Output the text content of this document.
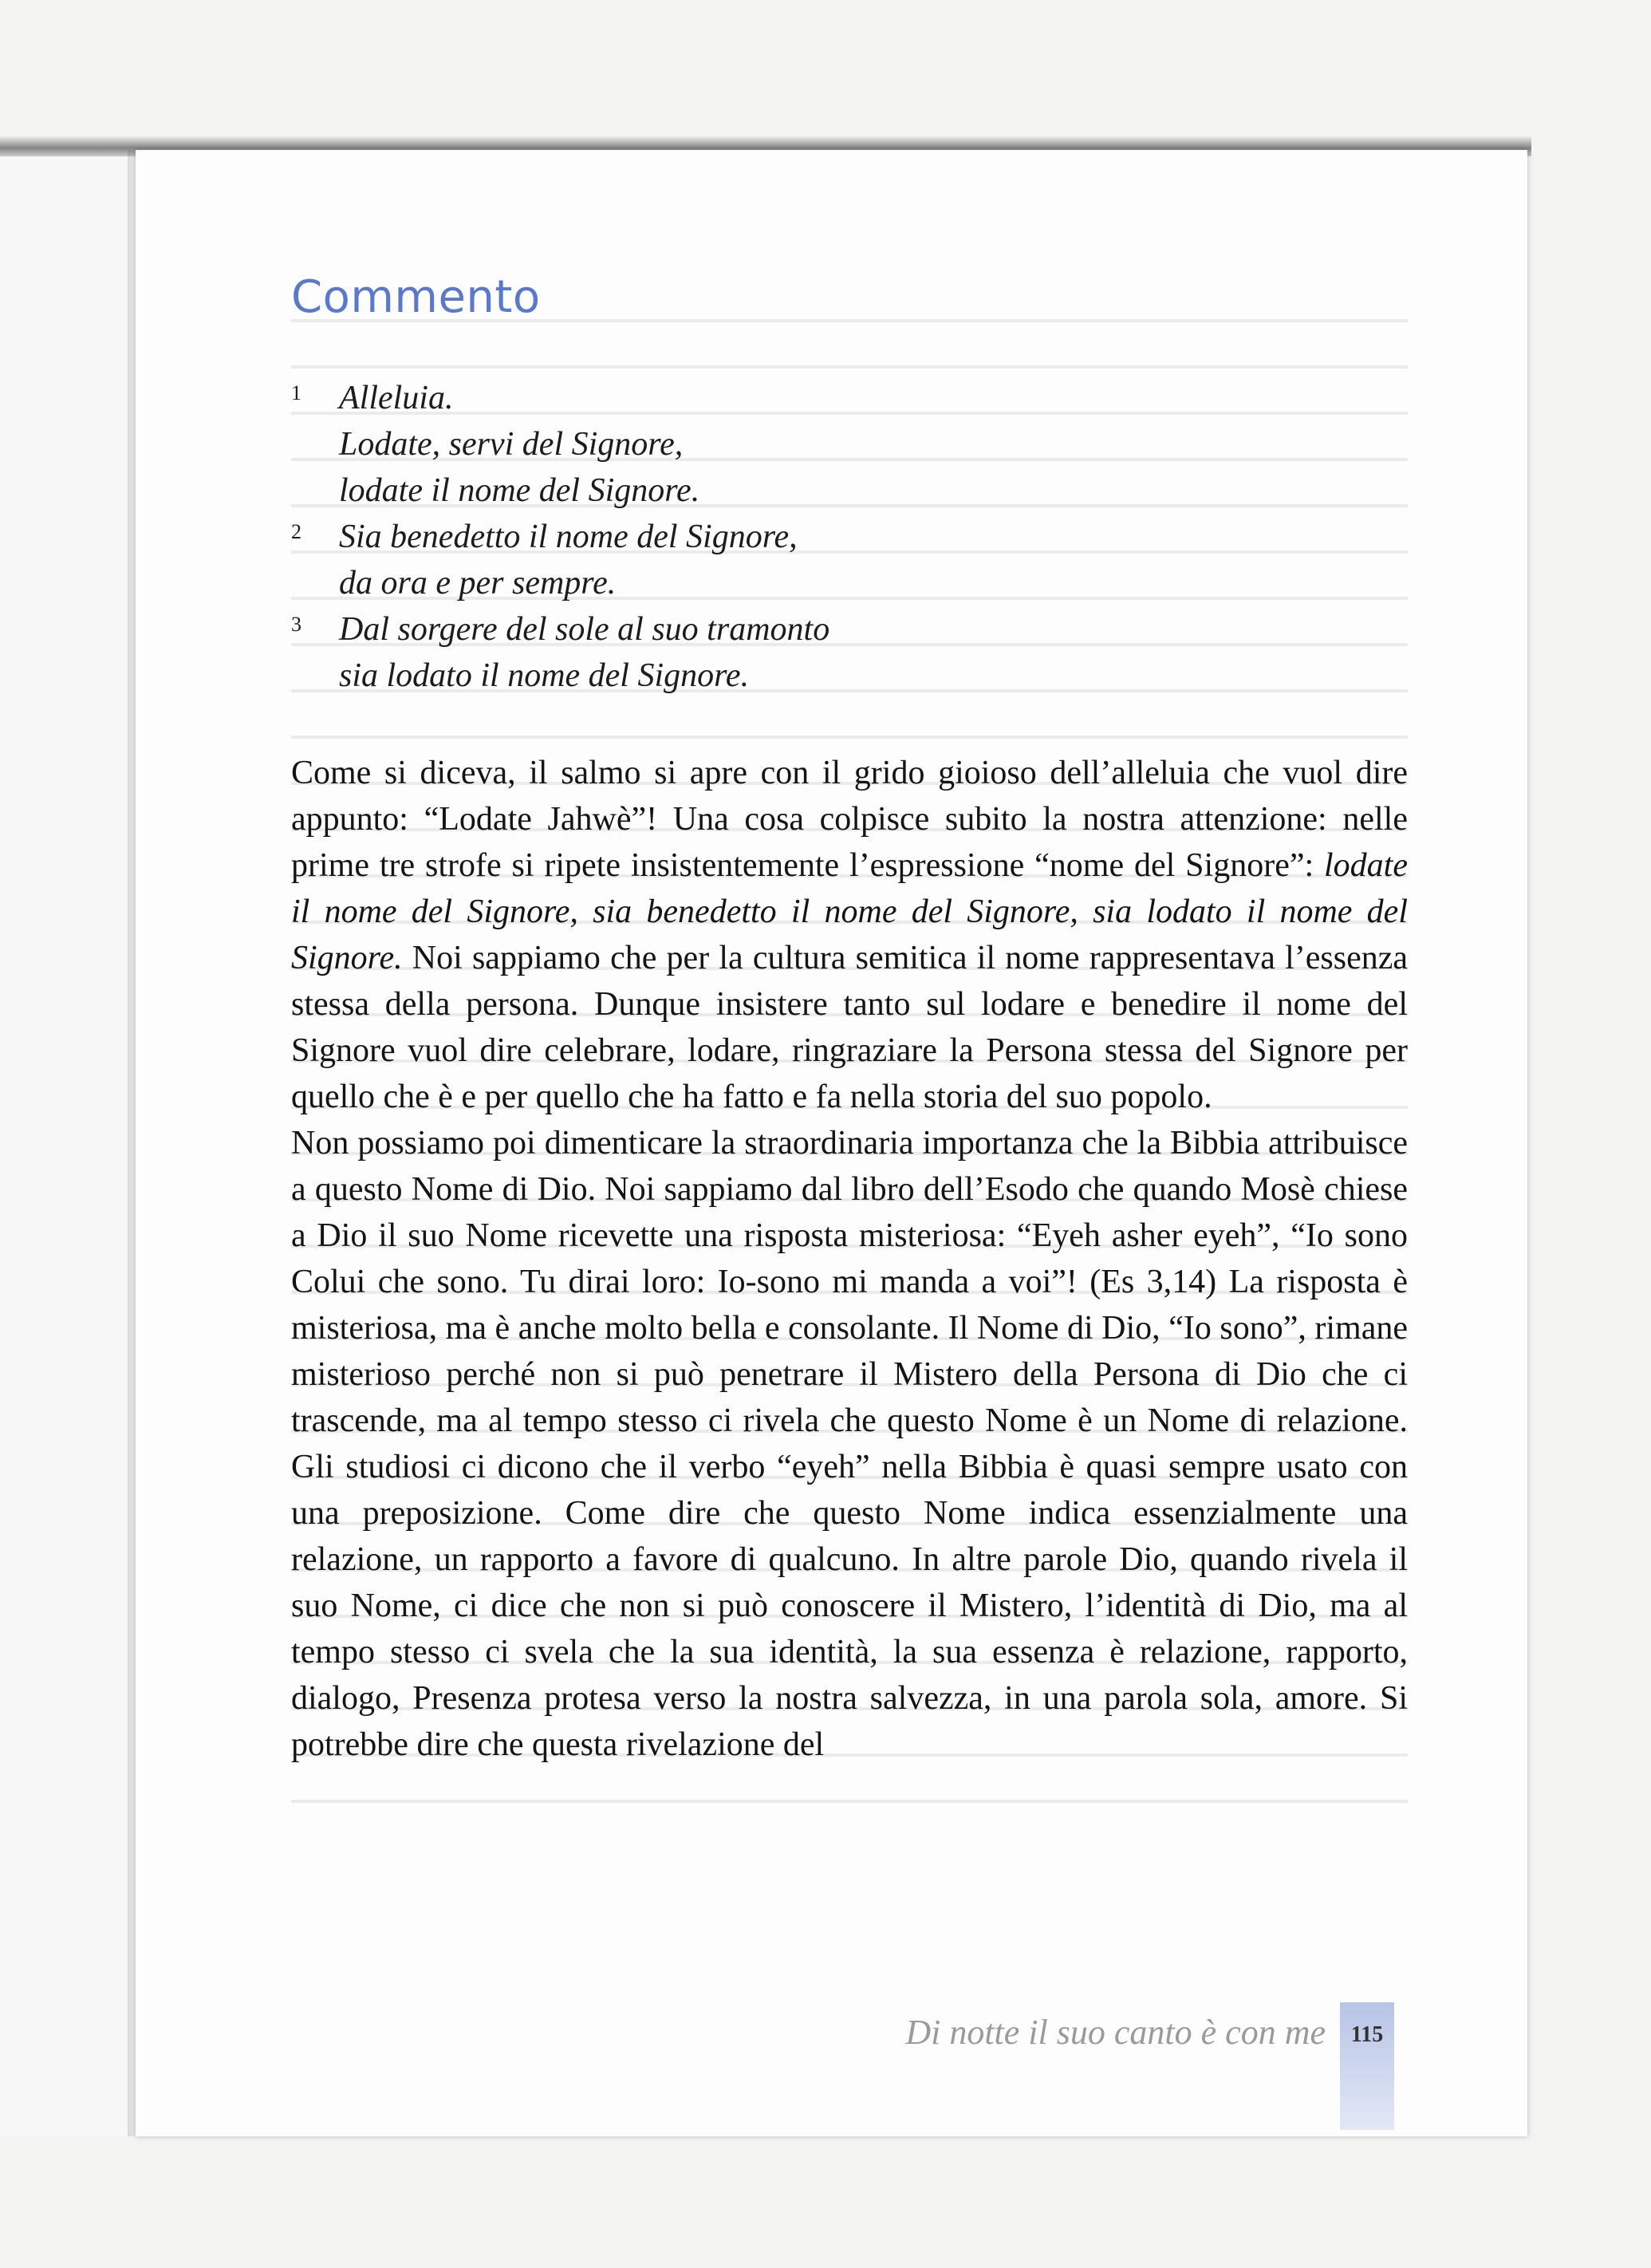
Commento
1 Alleluia.
Lodate, servi del Signore,
lodate il nome del Signore.
2 Sia benedetto il nome del Signore,
da ora e per sempre.
3 Dal sorgere del sole al suo tramonto
sia lodato il nome del Signore.

Come si diceva, il salmo si apre con il grido gioioso dell’alleluia che vuol dire appunto: “Lodate Jahwè”! Una cosa colpisce subito la nostra attenzione: nelle prime tre strofe si ripete insistentemente l’espressione “nome del Signore”: lodate il nome del Signore, sia benedetto il nome del Signore, sia lodato il nome del Signore. Noi sappiamo che per la cultura semitica il nome rappresentava l’essenza stessa della persona. Dunque insistere tanto sul lodare e benedire il nome del Signore vuol dire celebrare, lodare, ringraziare la Persona stessa del Signore per quello che è e per quello che ha fatto e fa nella storia del suo popolo.

Non possiamo poi dimenticare la straordinaria importanza che la Bibbia attribuisce a questo Nome di Dio. Noi sappiamo dal libro dell’Esodo che quando Mosè chiese a Dio il suo Nome ricevette una risposta misteriosa: “Eyeh asher eyeh”, “Io sono Colui che sono. Tu dirai loro: Io-sono mi manda a voi”! (Es 3,14) La risposta è misteriosa, ma è anche molto bella e consolante. Il Nome di Dio, “Io sono”, rimane misterioso perché non si può penetrare il Mistero della Persona di Dio che ci trascende, ma al tempo stesso ci rivela che questo Nome è un Nome di relazione. Gli studiosi ci dicono che il verbo “eyeh” nella Bibbia è quasi sempre usato con una preposizione. Come dire che questo Nome indica essenzialmente una relazione, un rapporto a favore di qualcuno. In altre parole Dio, quando rivela il suo Nome, ci dice che non si può conoscere il Mistero, l’identità di Dio, ma al tempo stesso ci svela che la sua identità, la sua essenza è relazione, rapporto, dialogo, Presenza protesa verso la nostra salvezza, in una parola sola, amore. Si potrebbe dire che questa rivelazione del

Di notte il suo canto è con me	115
